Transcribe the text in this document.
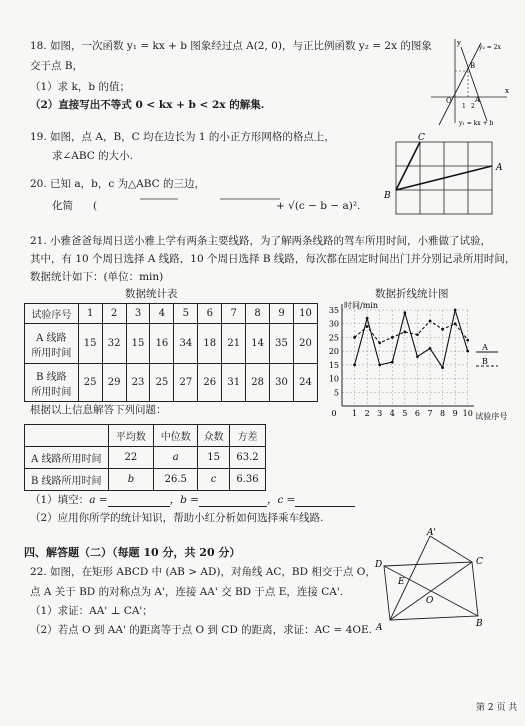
18. 如图，一次函数 y₁ = kx + b 图象经过点 A(2, 0)，与正比例函数 y₂ = 2x 的图象
交于点 B，
（1）求 k，b 的值；
（2）直接写出不等式 0 < kx + b < 2x 的解集.
y
y₂ = 2x
x
O
1 2
A
B
y₁ = kx + b
19. 如图，点 A，B，C 均在边长为 1 的小正方形网格的格点上，
求∠ABC 的大小.
C
A
B
20. 已知 a，b，c 为△ABC 的三边，
化简 (	+ √(c − b − a)².
21. 小雅爸爸每周日送小雅上学有两条主要线路，为了解两条线路的驾车所用时间，小雅做了试验，
其中，有 10 个周日选择 A 线路，10 个周日选择 B 线路，每次都在固定时间出门并分别记录所用时间，
数据统计如下：(单位：min)
数据统计表	数据折线统计图
试验序号	1	2	3	4	5	6	7	8	9	10
A 线路
所用时间	15	32	15	16	34	18	21	14	35	20
B 线路
所用时间	25	29	23	25	27	26	31	28	30	24
5
10
15
20
25
30
35
0 1 2 3 4 5 6 7 8 9 10
时间/min
试验序号
A
B
根据以上信息解答下列问题：
	平均数	中位数	众数	方差
A 线路所用时间	22	a	15	63.2
B 线路所用时间	b	26.5	c	6.36
（1）填空：a =	，b =	，c =
（2）应用你所学的统计知识，帮助小红分析如何选择乘车线路.
四、解答题（二）（每题 10 分，共 20 分）
22. 如图，在矩形 ABCD 中 (AB > AD)，对角线 AC，BD 相交于点 O，
点 A 关于 BD 的对称点为 A'，连接 AA' 交 BD 于点 E，连接 CA'.
（1）求证：AA' ⊥ CA'；
（2）若点 O 到 AA' 的距离等于点 O 到 CD 的距离，求证：AC = 4OE.
A'
D	C
E
O
A	B
第 2 页 共
